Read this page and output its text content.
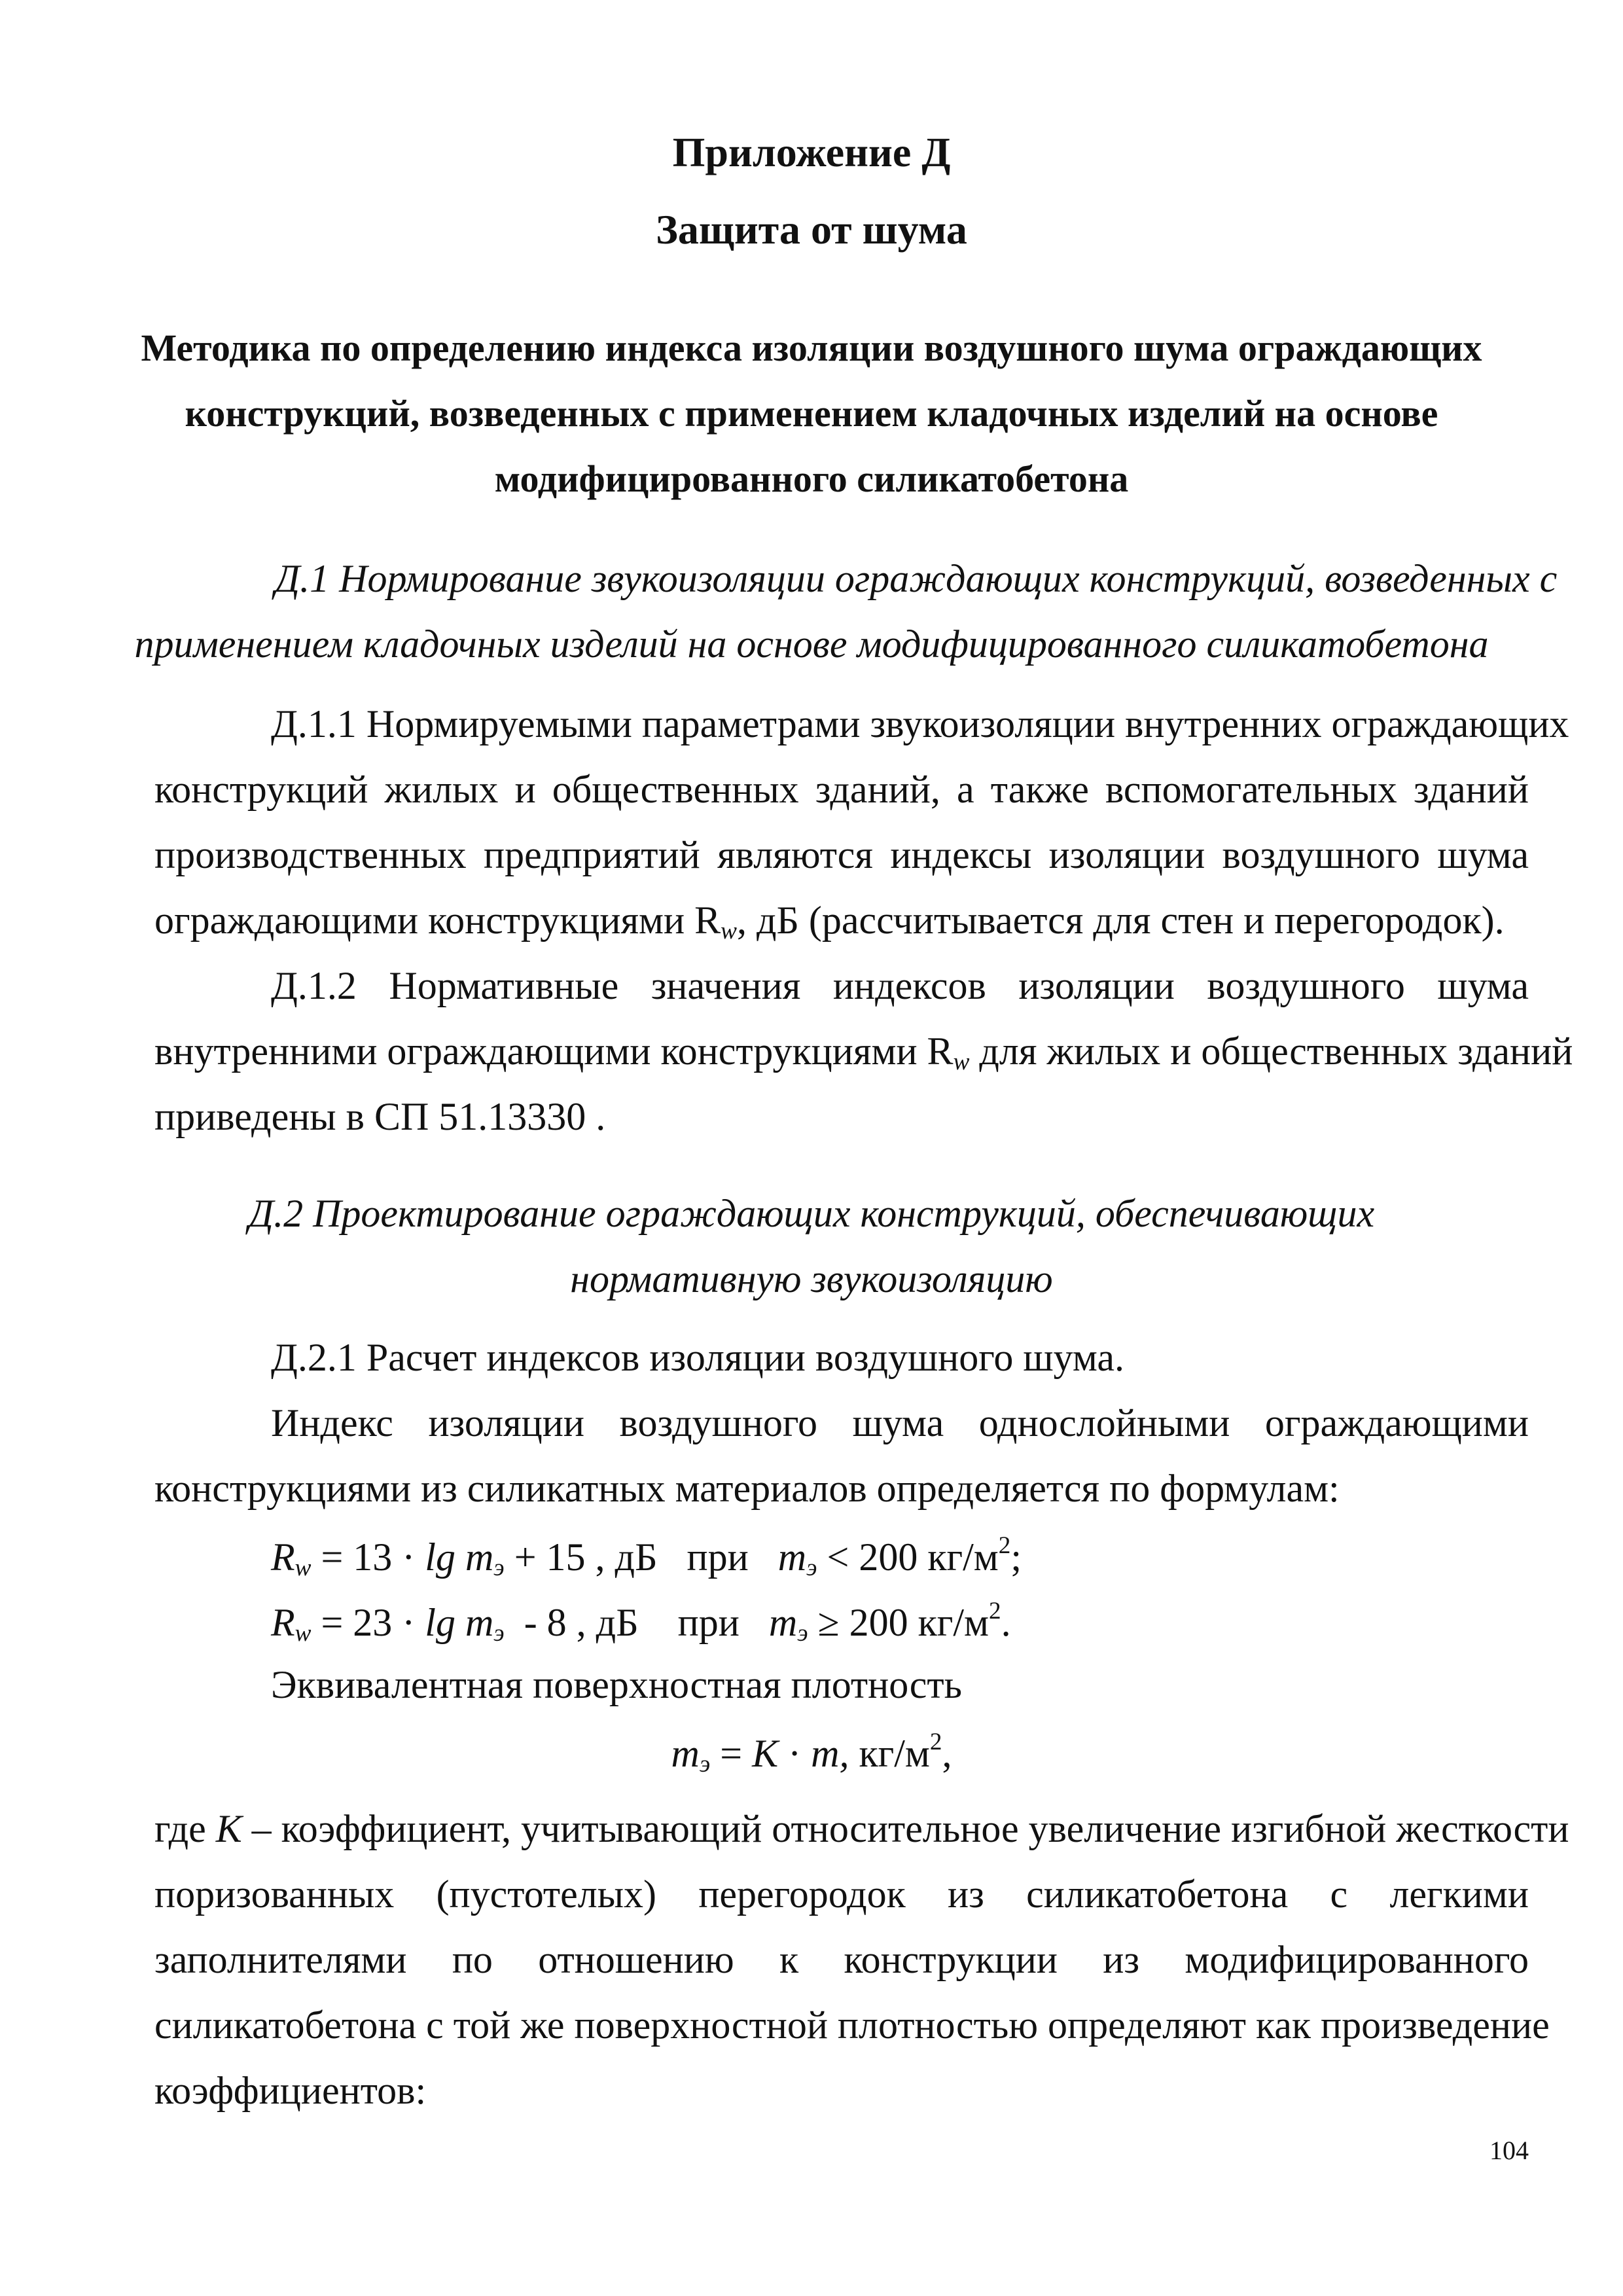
Приложение Д
Защита от шума
Методика по определению индекса изоляции воздушного шума ограждающих
конструкций, возведенных с применением кладочных изделий на основе
модифицированного силикатобетона
Д.1 Нормирование звукоизоляции ограждающих конструкций, возведенных с
применением кладочных изделий на основе модифицированного силикатобетона
Д.1.1 Нормируемыми параметрами звукоизоляции внутренних ограждающих
конструкций жилых и общественных зданий, а также вспомогательных зданий
производственных предприятий являются индексы изоляции воздушного шума
ограждающими конструкциями $R_w$, дБ (рассчитывается для стен и перегородок).
Д.1.2 Нормативные значения индексов изоляции воздушного шума
внутренними ограждающими конструкциями $R_w$ для жилых и общественных зданий
приведены в СП 51.13330 .
Д.2 Проектирование ограждающих конструкций, обеспечивающих
нормативную звукоизоляцию
Д.2.1 Расчет индексов изоляции воздушного шума.
Индекс изоляции воздушного шума однослойными ограждающими
конструкциями из силикатных материалов определяется по формулам:
$R_w = 13 \cdot \lg m_э + 15$ , дБ   при   $m_э < 200$ $кг/м^2$;
$R_w = 23 \cdot \lg m_э - 8$ , дБ    при   $m_э \ge 200$ $кг/м^2$.
Эквивалентная поверхностная плотность
$m_э = K \cdot m$, $кг/м^2$,
где К – коэффициент, учитывающий относительное увеличение изгибной жесткости
поризованных (пустотелых) перегородок из силикатобетона с легкими
заполнителями по отношению к конструкции из модифицированного
силикатобетона с той же поверхностной плотностью определяют как произведение
коэффициентов:
104
